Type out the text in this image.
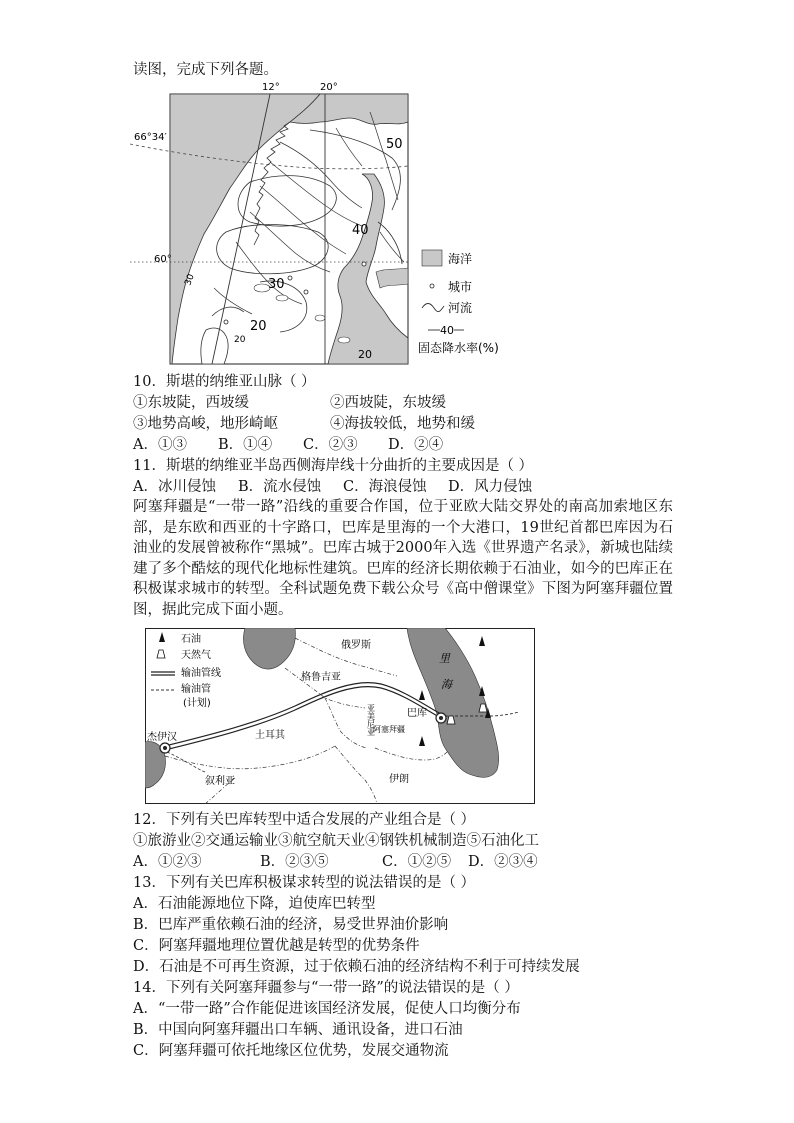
读图，完成下列各题。
12°	20°
66°34′
60°
50
40
30
20
30
20
20
海洋
城市
河流
40
固态降水率(%)
10．斯堪的纳维亚山脉（ ）
①东坡陡，西坡缓	②西坡陡，东坡缓
③地势高峻，地形崎岖	④海拔较低，地势和缓
A．①③ B．①④ C．②③ D．②④
11．斯堪的纳维亚半岛西侧海岸线十分曲折的主要成因是（ ）
A．冰川侵蚀 B．流水侵蚀 C．海浪侵蚀 D．风力侵蚀
阿塞拜疆是“一带一路”沿线的重要合作国，位于亚欧大陆交界处的南高加索地区东部，是东欧和西亚的十字路口，巴库是里海的一个大港口，19世纪首都巴库因为石油业的发展曾被称作“黑城”。巴库古城于2000年入选《世界遗产名录》，新城也陆续建了多个酷炫的现代化地标性建筑。巴库的经济长期依赖于石油业，如今的巴库正在积极谋求城市的转型。全科试题免费下载公众号《高中僧课堂》下图为阿塞拜疆位置图，据此完成下面小题。
石油
天然气
输油管线
输油管
(计划)
俄罗斯
格鲁吉亚
亚美尼亚
阿塞拜疆
巴库
杰伊汉	土耳其
叙利亚	伊朗
里
海
12．下列有关巴库转型中适合发展的产业组合是（ ）
①旅游业②交通运输业③航空航天业④钢铁机械制造⑤石油化工
A．①②③	B．②③⑤	C．①②⑤ D．②③④
13．下列有关巴库积极谋求转型的说法错误的是（ ）
A．石油能源地位下降，迫使库巴转型
B．巴库严重依赖石油的经济，易受世界油价影响
C．阿塞拜疆地理位置优越是转型的优势条件
D．石油是不可再生资源，过于依赖石油的经济结构不利于可持续发展
14．下列有关阿塞拜疆参与“一带一路”的说法错误的是（ ）
A．“一带一路”合作能促进该国经济发展，促使人口均衡分布
B．中国向阿塞拜疆出口车辆、通讯设备，进口石油
C．阿塞拜疆可依托地缘区位优势，发展交通物流
